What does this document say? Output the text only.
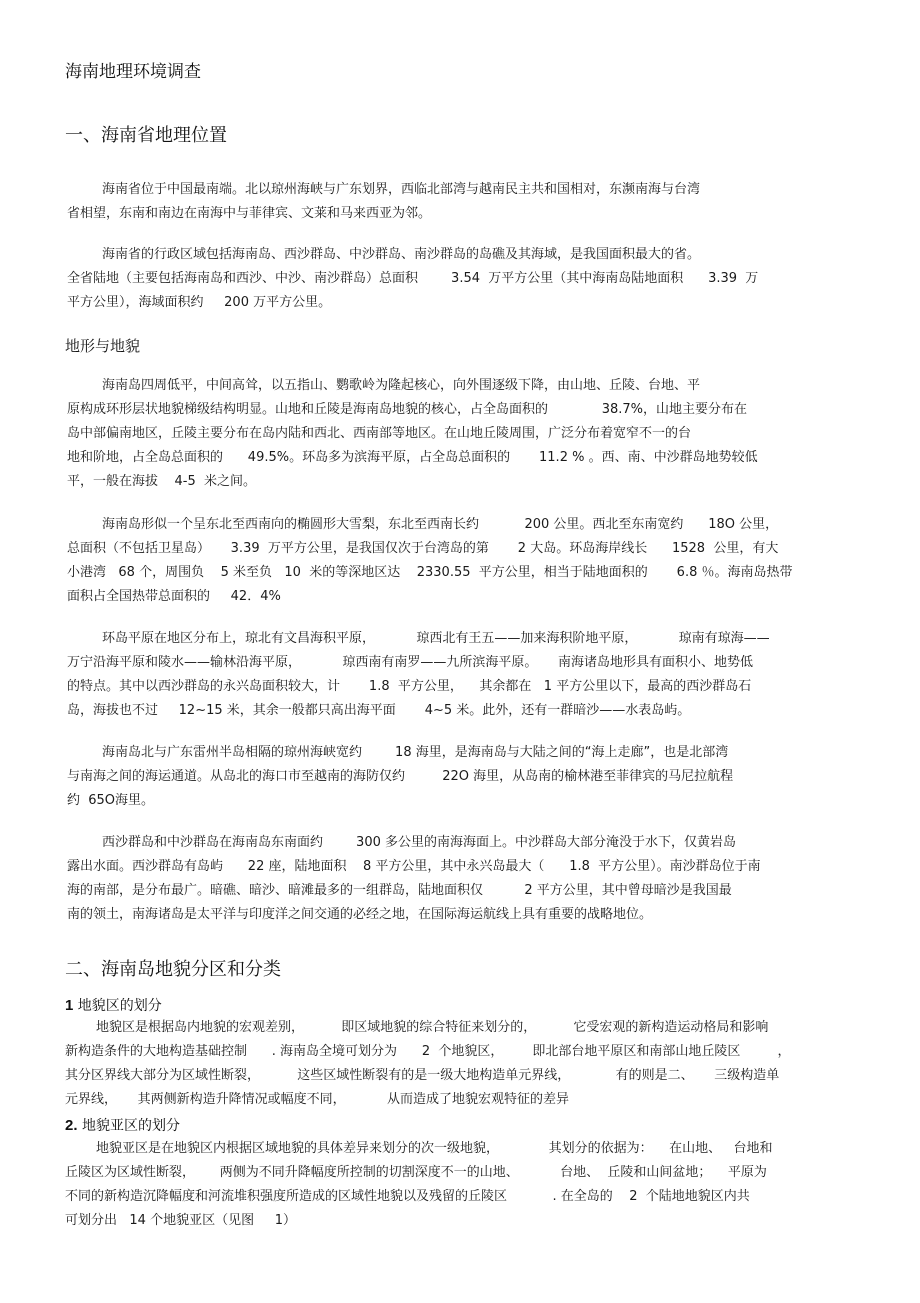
海南地理环境调查
一、海南省地理位置
海南省位于中国最南端。北以琼州海峡与广东划界，西临北部湾与越南民主共和国相对，东濒南海与台湾
省相望，东南和南边在南海中与菲律宾、文莱和马来西亚为邻。
海南省的行政区域包括海南岛、西沙群岛、中沙群岛、南沙群岛的岛礁及其海域，是我国面积最大的省。
全省陆地（主要包括海南岛和西沙、中沙、南沙群岛）总面积        3.54  万平方公里（其中海南岛陆地面积      3.39  万
平方公里），海域面积约     200 万平方公里。
地形与地貌
海南岛四周低平，中间高耸，以五指山、鹦歌岭为隆起核心，向外围逐级下降，由山地、丘陵、台地、平
原构成环形层状地貌梯级结构明显。山地和丘陵是海南岛地貌的核心，占全岛面积的             38.7%，山地主要分布在
岛中部偏南地区，丘陵主要分布在岛内陆和西北、西南部等地区。在山地丘陵周围，广泛分布着宽窄不一的台
地和阶地，占全岛总面积的      49.5%。环岛多为滨海平原，占全岛总面积的       11.2 % 。西、南、中沙群岛地势较低
平，一般在海拔    4-5  米之间。
海南岛形似一个呈东北至西南向的椭圆形大雪梨，东北至西南长约           200 公里。西北至东南宽约      18O 公里，
总面积（不包括卫星岛）     3.39  万平方公里，是我国仅次于台湾岛的第       2 大岛。环岛海岸线长      1528  公里，有大
小港湾   68 个，周围负    5 米至负   10  米的等深地区达    2330.55  平方公里，相当于陆地面积的       6.8 ％。海南岛热带
面积占全国热带总面积的     42．4%
环岛平原在地区分布上，琼北有文昌海积平原，          琼西北有王五——加来海积阶地平原，          琼南有琼海——
万宁沿海平原和陵水——输林沿海平原，          琼西南有南罗——九所滨海平原。     南海诸岛地形具有面积小、地势低
的特点。其中以西沙群岛的永兴岛面积较大，计       1.8  平方公里，    其余都在   1 平方公里以下，最高的西沙群岛石
岛，海拔也不过     12~15 米，其余一般都只高出海平面       4~5 米。此外，还有一群暗沙——水表岛屿。
海南岛北与广东雷州半岛相隔的琼州海峡宽约        18 海里，是海南岛与大陆之间的“海上走廊”，也是北部湾
与南海之间的海运通道。从岛北的海口市至越南的海防仅约         22O 海里，从岛南的榆林港至菲律宾的马尼拉航程
约  65O海里。
西沙群岛和中沙群岛在海南岛东南面约        300 多公里的南海海面上。中沙群岛大部分淹没于水下，仅黄岩岛
露出水面。西沙群岛有岛屿      22 座，陆地面积    8 平方公里，其中永兴岛最大（      1.8  平方公里）。南沙群岛位于南
海的南部，是分布最广。暗礁、暗沙、暗滩最多的一组群岛，陆地面积仅          2 平方公里，其中曾母暗沙是我国最
南的领土，南海诸岛是太平洋与印度洋之间交通的必经之地，在国际海运航线上具有重要的战略地位。
二、海南岛地貌分区和分类
1 地貌区的划分
地貌区是根据岛内地貌的宏观差别，         即区域地貌的综合特征来划分的，         它受宏观的新构造运动格局和影响
新构造条件的大地构造基础控制      . 海南岛全境可划分为      2  个地貌区，       即北部台地平原区和南部山地丘陵区         ，
其分区界线大部分为区域性断裂，         这些区域性断裂有的是一级大地构造单元界线，           有的则是二、     三级构造单
元界线，     其两侧新构造升降情况或幅度不同，          从而造成了地貌宏观特征的差异
2. 地貌亚区的划分
地貌亚区是在地貌区内根据区域地貌的具体差异来划分的次一级地貌，            其划分的依据为：    在山地、   台地和
丘陵区为区域性断裂，      两侧为不同升降幅度所控制的切割深度不一的山地、          台地、  丘陵和山间盆地；    平原为
不同的新构造沉降幅度和河流堆积强度所造成的区域性地貌以及残留的丘陵区           . 在全岛的    2  个陆地地貌区内共
可划分出   14 个地貌亚区（见图     1）
